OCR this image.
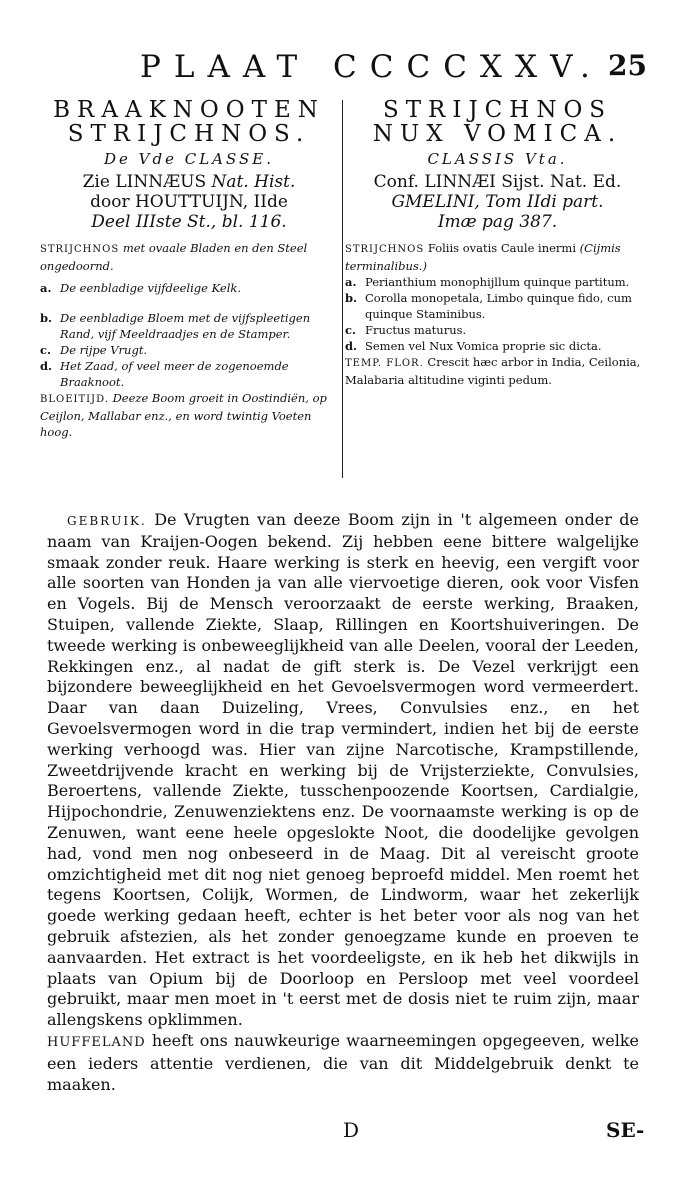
PLAAT CCCCXXV. 25
BRAAKNOOTEN
STRIJCHNOS.
De Vde CLASSE.
Zie LINNÆUS Nat. Hist.
door HOUTTUIJN, IIde
Deel IIIste St., bl. 116.
STRIJCHNOS met ovaale Bladen en den Steel ongedoornd.
a. De eenbladige vijfdeelige Kelk.
b. De eenbladige Bloem met de vijfspleetigen Rand, vijf Meeldraadjes en de Stamper.
c. De rijpe Vrugt.
d. Het Zaad, of veel meer de zogenoemde Braaknoot.
BLOEITIJD. Deeze Boom groeit in Oostindiën, op Ceijlon, Mallabar enz., en word twintig Voeten hoog.
STRIJCHNOS
NUX VOMICA.
CLASSIS Vta.
Conf. LINNÆI Sijst. Nat. Ed.
GMELINI, Tom IIdi part.
Imæ pag 387.
STRIJCHNOS Foliis ovatis Caule inermi (Cijmis terminalibus.)
a. Perianthium monophijllum quinque partitum.
b. Corolla monopetala, Limbo quinque fido, cum quinque Staminibus.
c. Fructus maturus.
d. Semen vel Nux Vomica proprie sic dicta.
TEMP. FLOR. Crescit hæc arbor in India, Ceilonia, Malabaria altitudine viginti pedum.

GEBRUIK. De Vrugten van deeze Boom zijn in 't algemeen onder de naam van Kraijen-Oogen bekend. Zij hebben eene bittere walgelijke smaak zonder reuk. Haare werking is sterk en heevig, een vergift voor alle soorten van Honden ja van alle viervoetige dieren, ook voor Visfen en Vogels. Bij de Mensch veroorzaakt de eerste werking, Braaken, Stuipen, vallende Ziekte, Slaap, Rillingen en Koortshuiveringen. De tweede werking is onbeweeglijkheid van alle Deelen, vooral der Leeden, Rekkingen enz., al nadat de gift sterk is. De Vezel verkrijgt een bijzondere beweeglijkheid en het Gevoelsvermogen word vermeerdert. Daar van daan Duizeling, Vrees, Convulsies enz., en het Gevoelsvermogen word in die trap vermindert, indien het bij de eerste werking verhoogd was. Hier van zijne Narcotische, Krampstillende, Zweetdrijvende kracht en werking bij de Vrijsterziekte, Convulsies, Beroertens, vallende Ziekte, tusschenpoozende Koortsen, Cardialgie, Hijpochondrie, Zenuwenziektens enz. De voornaamste werking is op de Zenuwen, want eene heele opgeslokte Noot, die doodelijke gevolgen had, vond men nog onbeseerd in de Maag. Dit al vereischt groote omzichtigheid met dit nog niet genoeg beproefd middel. Men roemt het tegens Koortsen, Colijk, Wormen, de Lindworm, waar het zekerlijk goede werking gedaan heeft, echter is het beter voor als nog van het gebruik afstezien, als het zonder genoegzame kunde en proeven te aanvaarden. Het extract is het voordeeligste, en ik heb het dikwijls in plaats van Opium bij de Doorloop en Persloop met veel voordeel gebruikt, maar men moet in 't eerst met de dosis niet te ruim zijn, maar allengskens opklimmen.

HUFFELAND heeft ons nauwkeurige waarneemingen opgegeeven, welke een ieders attentie verdienen, die van dit Middelgebruik denkt te maaken.

D	SE-
